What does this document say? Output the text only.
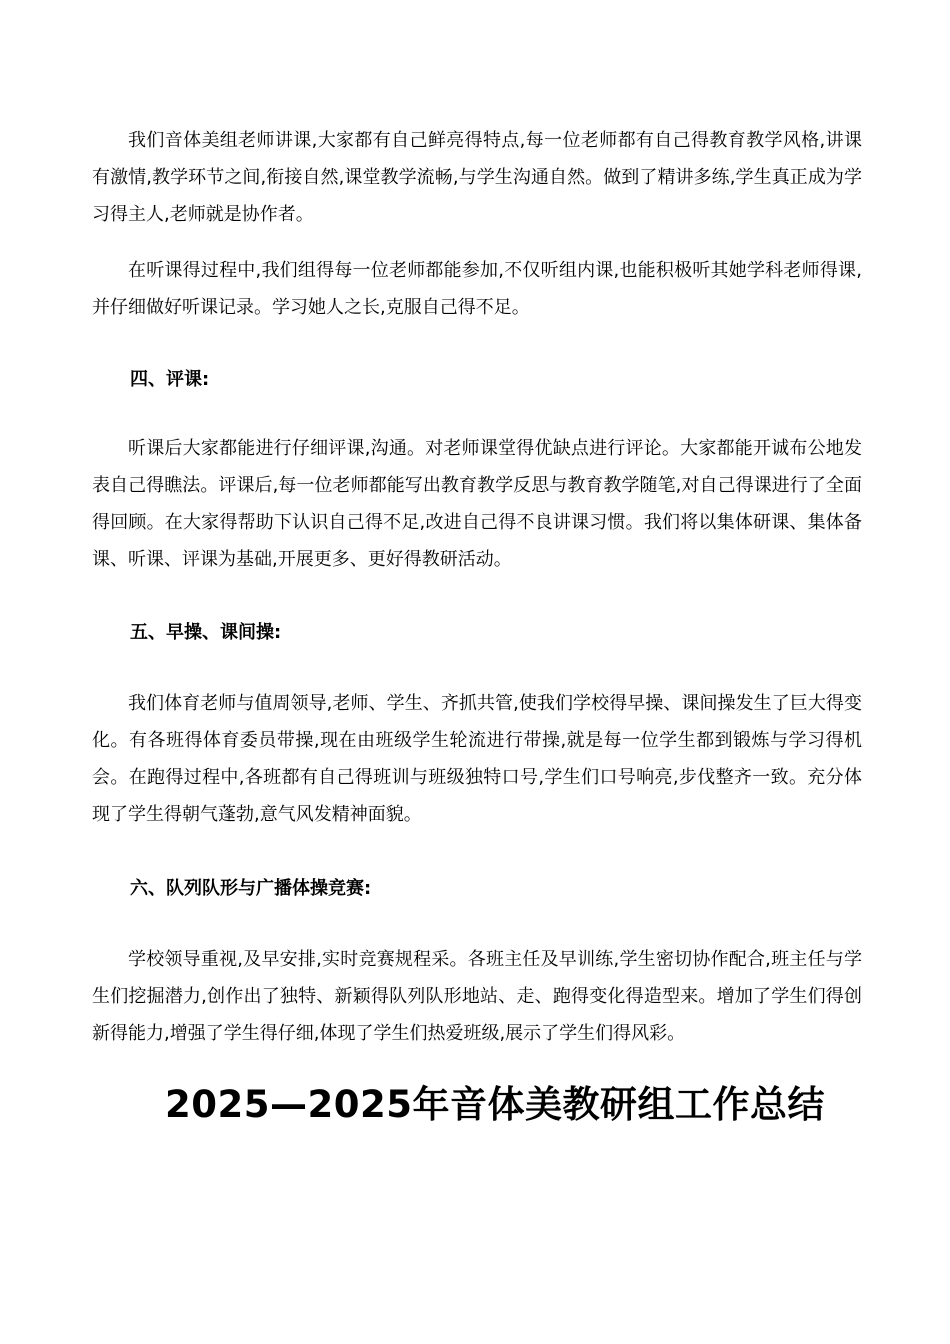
我们音体美组老师讲课,大家都有自己鲜亮得特点,每一位老师都有自己得教育教学风格,讲课有激情,教学环节之间,衔接自然,课堂教学流畅,与学生沟通自然。做到了精讲多练,学生真正成为学习得主人,老师就是协作者。

在听课得过程中,我们组得每一位老师都能参加,不仅听组内课,也能积极听其她学科老师得课,并仔细做好听课记录。学习她人之长,克服自己得不足。

四、评课:

听课后大家都能进行仔细评课,沟通。对老师课堂得优缺点进行评论。大家都能开诚布公地发表自己得瞧法。评课后,每一位老师都能写出教育教学反思与教育教学随笔,对自己得课进行了全面得回顾。在大家得帮助下认识自己得不足,改进自己得不良讲课习惯。我们将以集体研课、集体备课、听课、评课为基础,开展更多、更好得教研活动。

五、早操、课间操:

我们体育老师与值周领导,老师、学生、齐抓共管,使我们学校得早操、课间操发生了巨大得变化。有各班得体育委员带操,现在由班级学生轮流进行带操,就是每一位学生都到锻炼与学习得机会。在跑得过程中,各班都有自己得班训与班级独特口号,学生们口号响亮,步伐整齐一致。充分体现了学生得朝气蓬勃,意气风发精神面貌。

六、队列队形与广播体操竞赛:

学校领导重视,及早安排,实时竞赛规程采。各班主任及早训练,学生密切协作配合,班主任与学生们挖掘潜力,创作出了独特、新颖得队列队形地站、走、跑得变化得造型来。增加了学生们得创新得能力,增强了学生得仔细,体现了学生们热爱班级,展示了学生们得风彩。

2025—2025年音体美教研组工作总结
